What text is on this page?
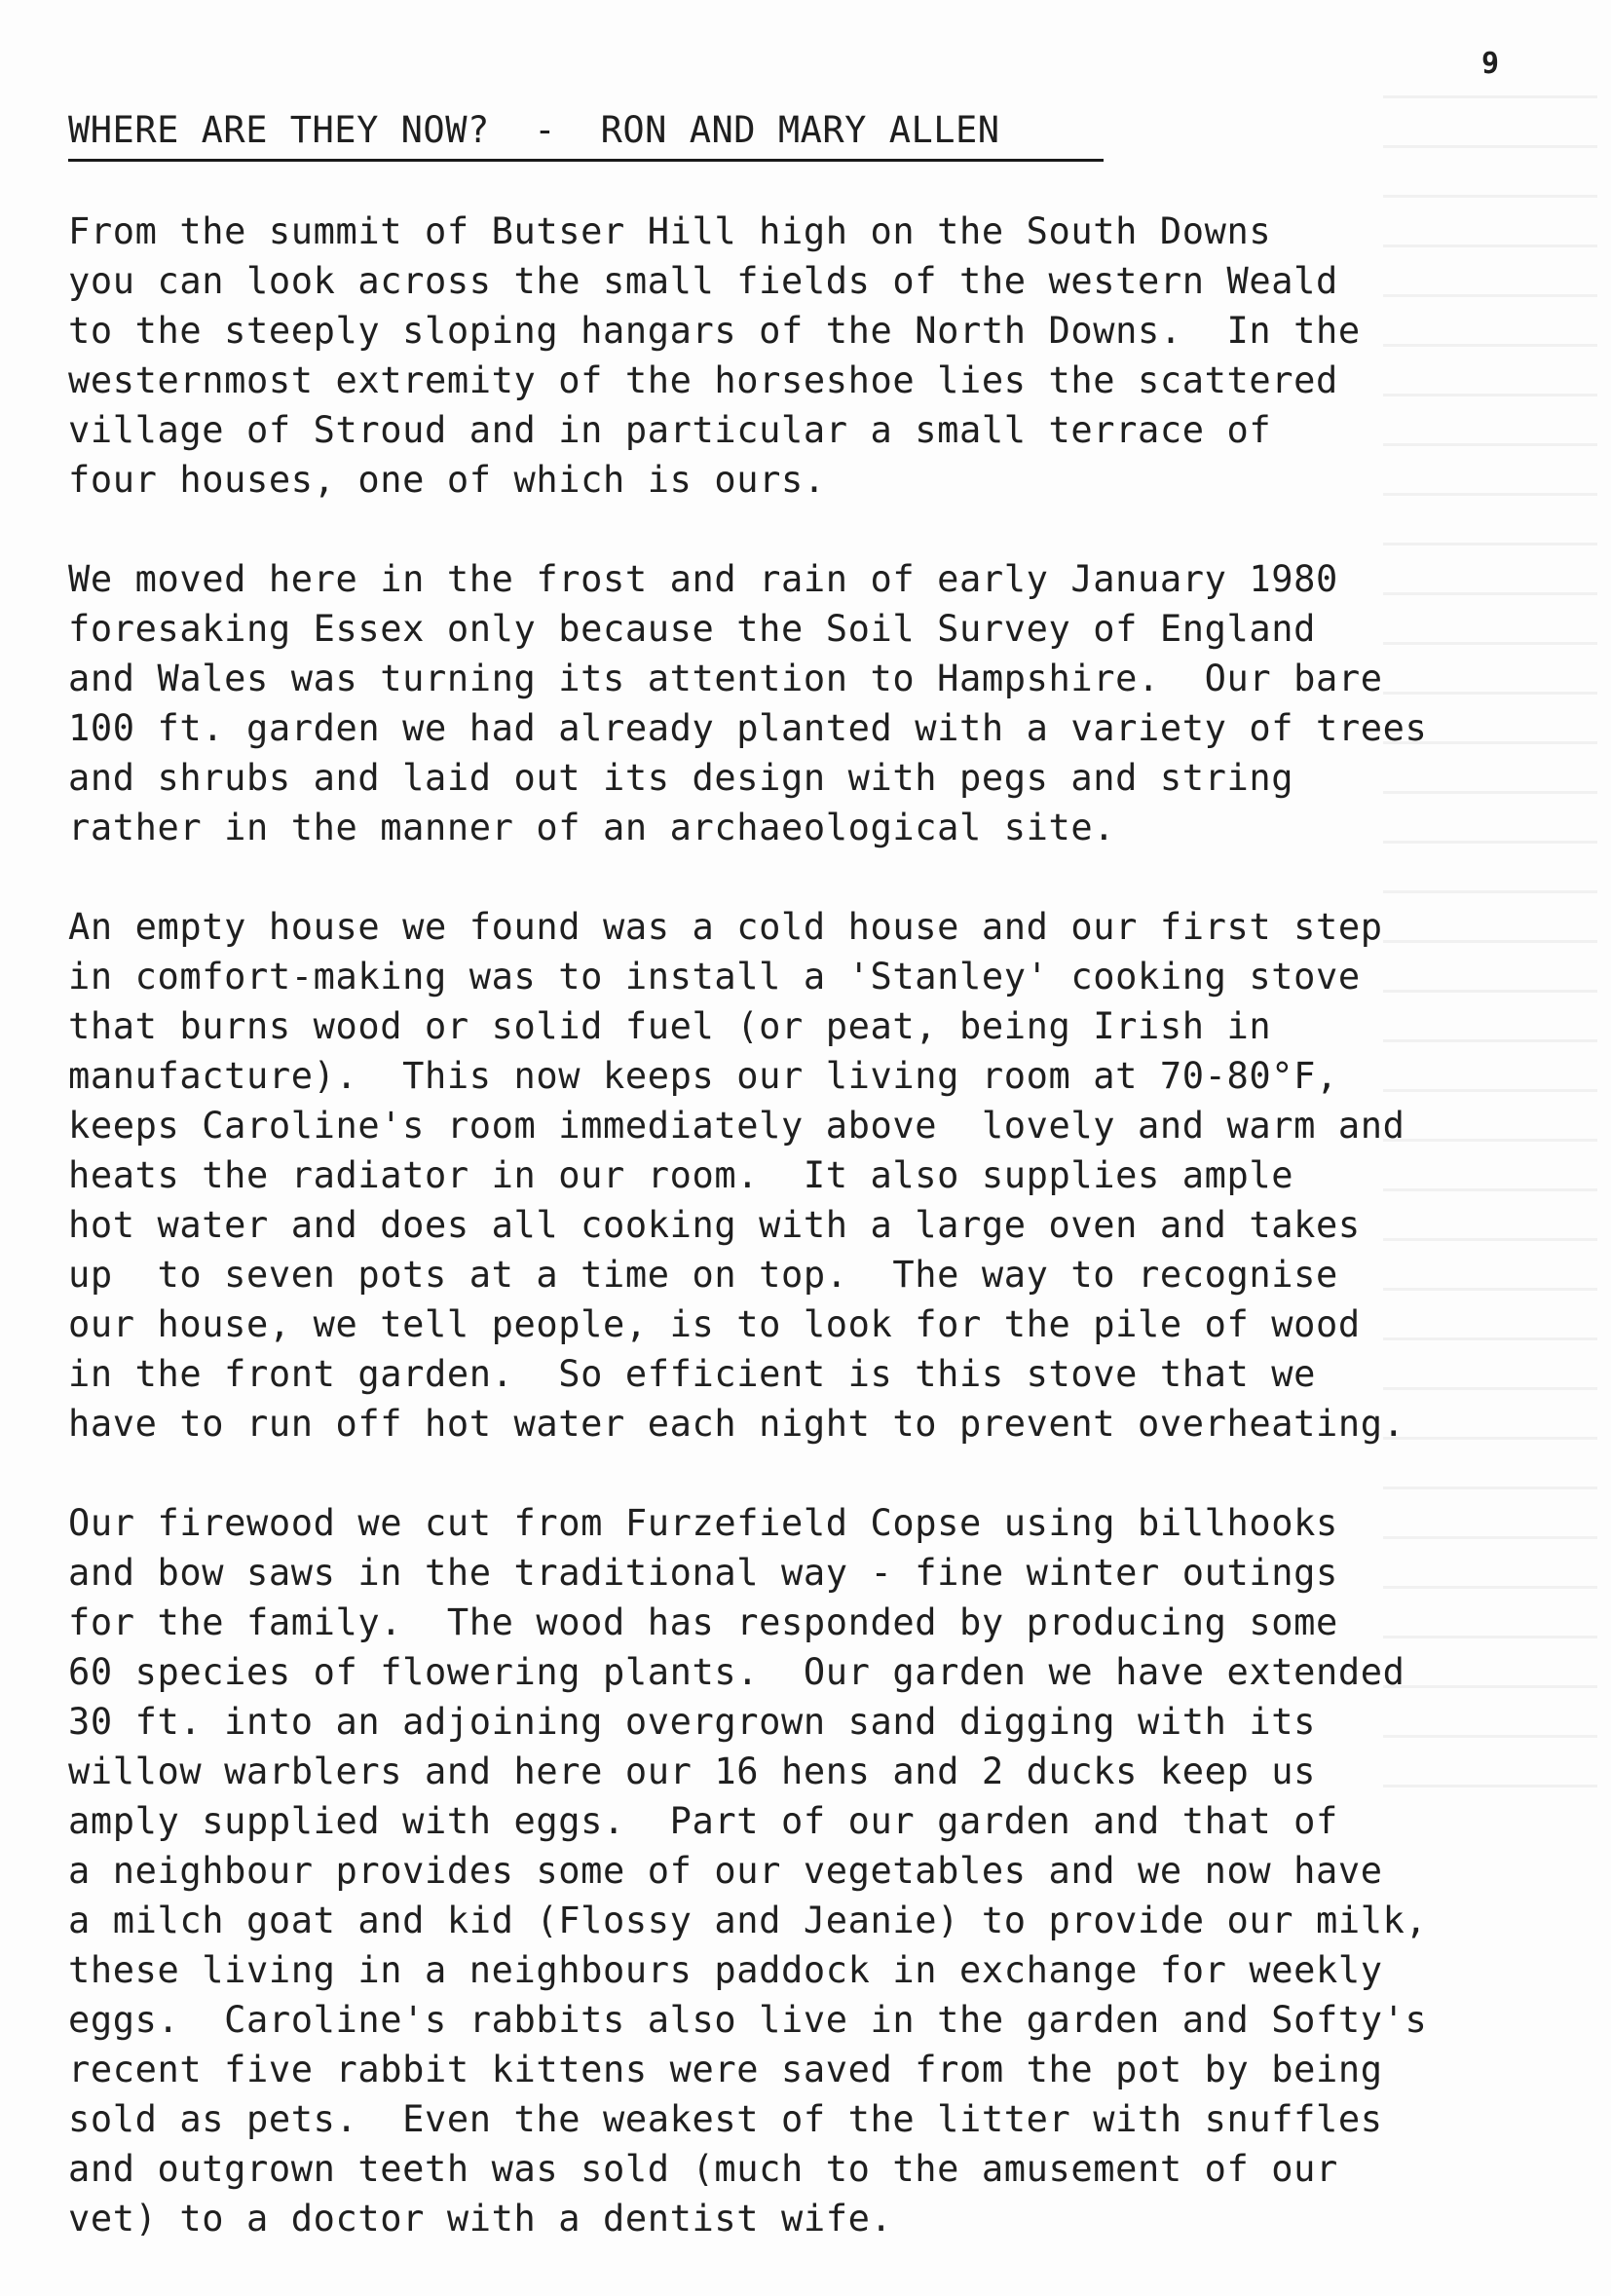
9
WHERE ARE THEY NOW?  -  RON AND MARY ALLEN
From the summit of Butser Hill high on the South Downs
you can look across the small fields of the western Weald
to the steeply sloping hangars of the North Downs.  In the
westernmost extremity of the horseshoe lies the scattered
village of Stroud and in particular a small terrace of
four houses, one of which is ours.
We moved here in the frost and rain of early January 1980
foresaking Essex only because the Soil Survey of England
and Wales was turning its attention to Hampshire.  Our bare
100 ft. garden we had already planted with a variety of trees
and shrubs and laid out its design with pegs and string
rather in the manner of an archaeological site.
An empty house we found was a cold house and our first step
in comfort-making was to install a 'Stanley' cooking stove
that burns wood or solid fuel (or peat, being Irish in
manufacture).  This now keeps our living room at 70-80°F,
keeps Caroline's room immediately above  lovely and warm and
heats the radiator in our room.  It also supplies ample
hot water and does all cooking with a large oven and takes
up  to seven pots at a time on top.  The way to recognise
our house, we tell people, is to look for the pile of wood
in the front garden.  So efficient is this stove that we
have to run off hot water each night to prevent overheating.
Our firewood we cut from Furzefield Copse using billhooks
and bow saws in the traditional way - fine winter outings
for the family.  The wood has responded by producing some
60 species of flowering plants.  Our garden we have extended
30 ft. into an adjoining overgrown sand digging with its
willow warblers and here our 16 hens and 2 ducks keep us
amply supplied with eggs.  Part of our garden and that of
a neighbour provides some of our vegetables and we now have
a milch goat and kid (Flossy and Jeanie) to provide our milk,
these living in a neighbours paddock in exchange for weekly
eggs.  Caroline's rabbits also live in the garden and Softy's
recent five rabbit kittens were saved from the pot by being
sold as pets.  Even the weakest of the litter with snuffles
and outgrown teeth was sold (much to the amusement of our
vet) to a doctor with a dentist wife.
